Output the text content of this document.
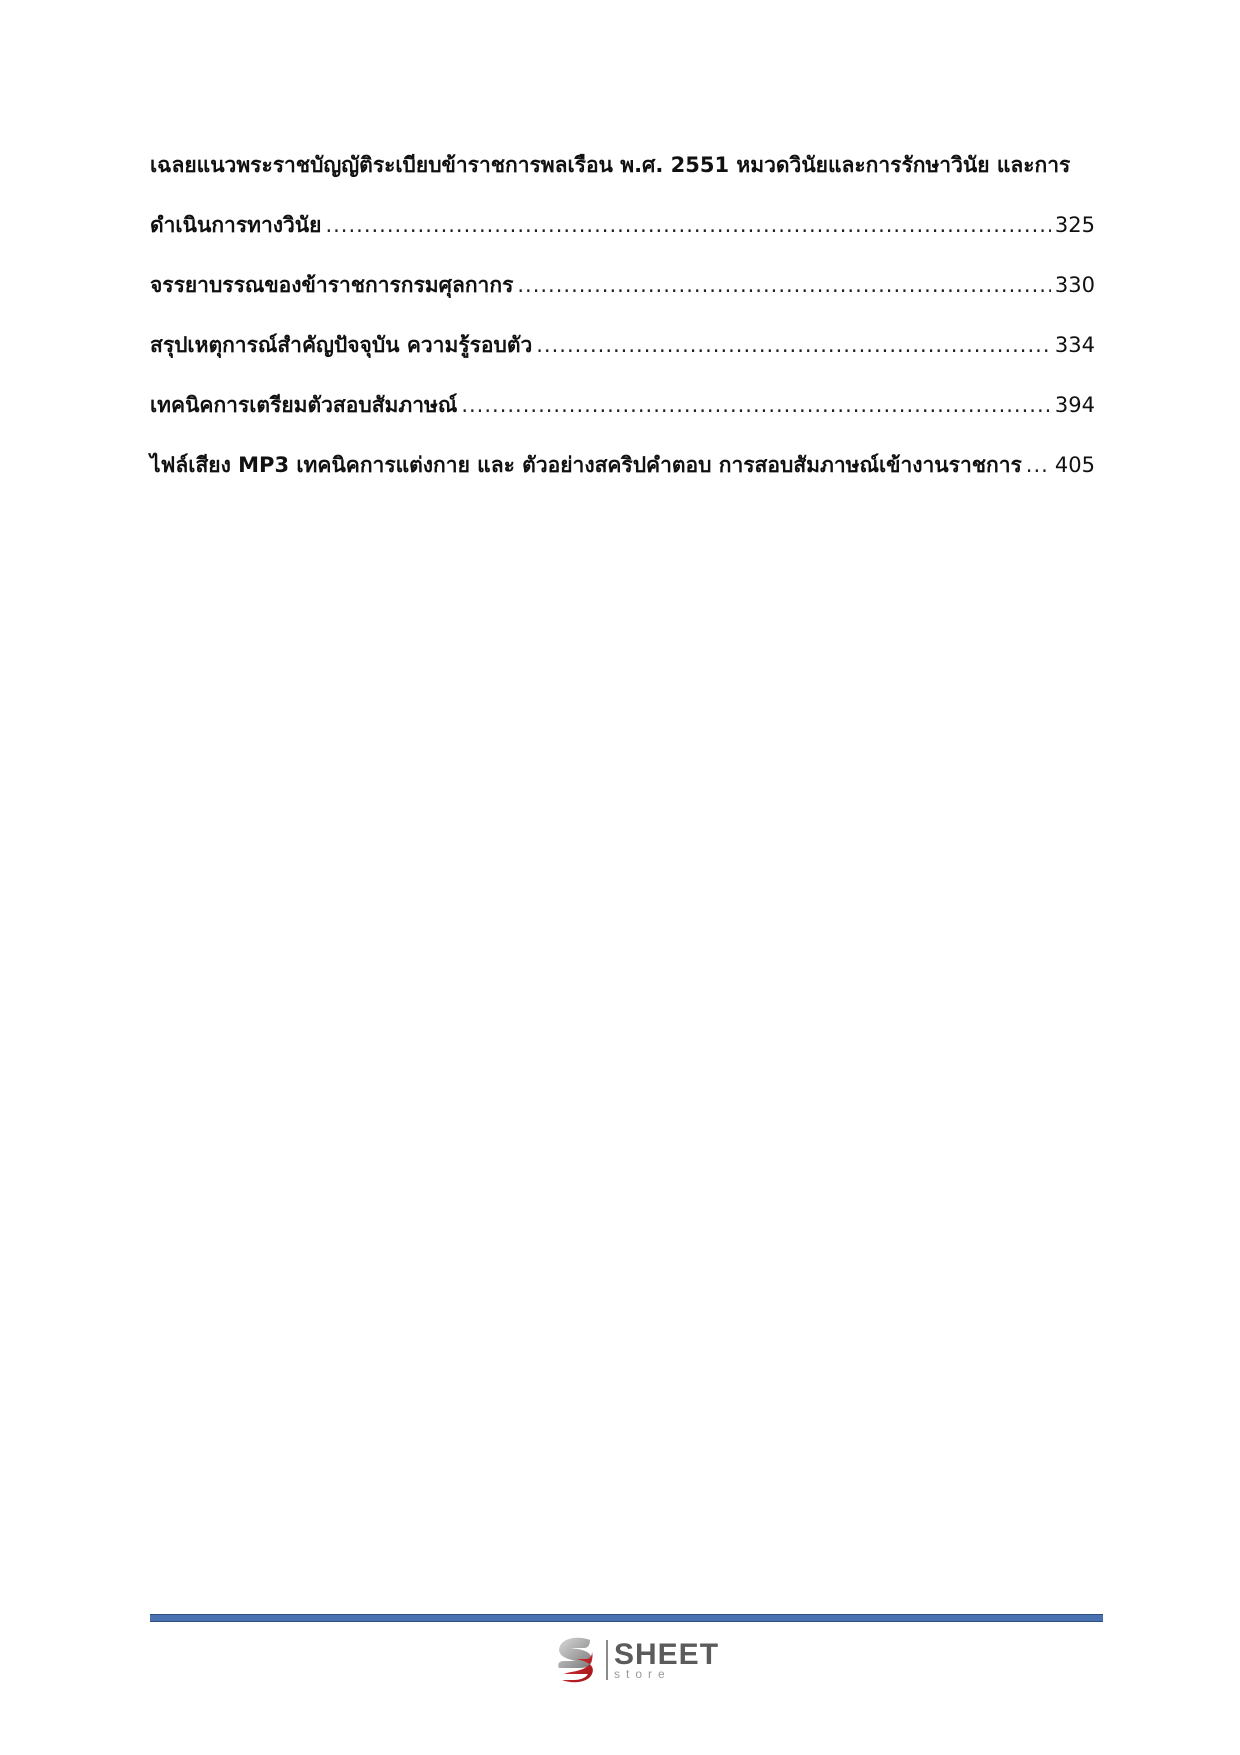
เฉลยแนวพระราชบัญญัติระเบียบข้าราชการพลเรือน พ.ศ. 2551 หมวดวินัยและการรักษาวินัย และการ
ดำเนินการทางวินัย .....	325
จรรยาบรรณของข้าราชการกรมศุลกากร .....	330
สรุปเหตุการณ์สำคัญปัจจุบัน ความรู้รอบตัว .....	334
เทคนิคการเตรียมตัวสอบสัมภาษณ์ .....	394
ไฟล์เสียง MP3 เทคนิคการแต่งกาย และ ตัวอย่างสคริปคำตอบ การสอบสัมภาษณ์เข้างานราชการ ..... 405
SHEET
store
